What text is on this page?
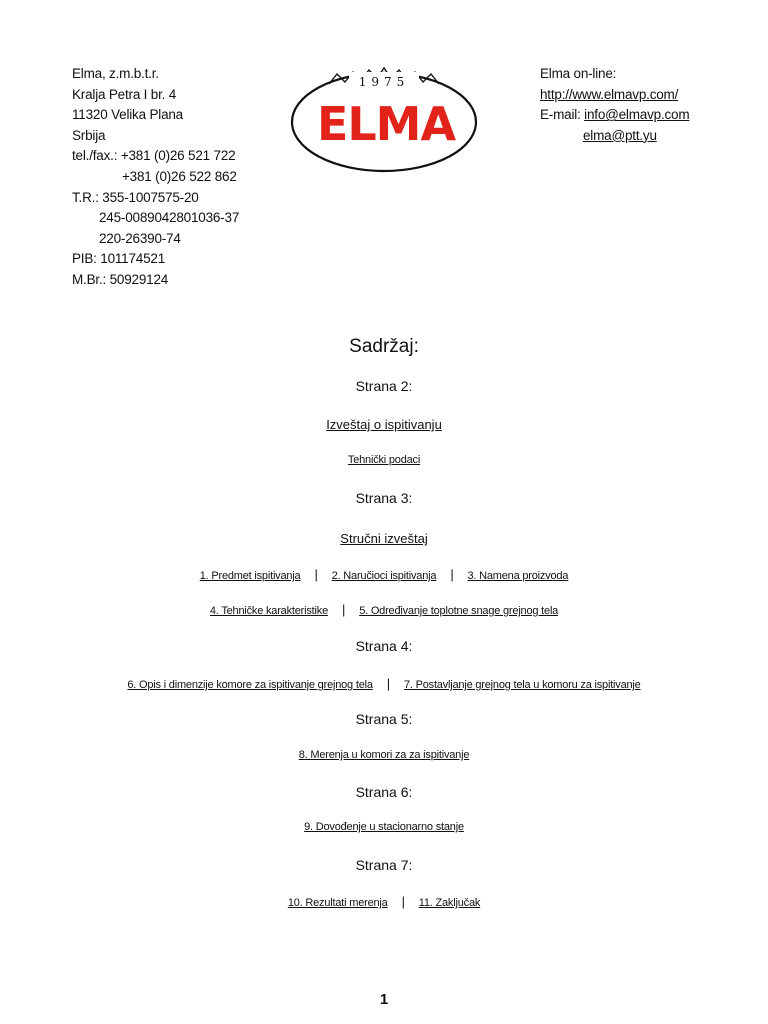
Elma, z.m.b.t.r.
Kralja Petra I br. 4
11320 Velika Plana
Srbija
tel./fax.: +381 (0)26 521 722
+381 (0)26 522 862
T.R.: 355-1007575-20
245-0089042801036-37
220-26390-74
PIB: 101174521
M.Br.: 50929124
1975
ELMA
Elma on-line:
http://www.elmavp.com/
E-mail: info@elmavp.com
elma@ptt.yu
Sadržaj:
Strana 2:
Izveštaj o ispitivanju
Tehnički podaci
Strana 3:
Stručni izveštaj
1. Predmet ispitivanja | 2. Naručioci ispitivanja | 3. Namena proizvoda
4. Tehničke karakteristike | 5. Određivanje toplotne snage grejnog tela
Strana 4:
6. Opis i dimenzije komore za ispitivanje grejnog tela | 7. Postavljanje grejnog tela u komoru za ispitivanje
Strana 5:
8. Merenja u komori za za ispitivanje
Strana 6:
9. Dovođenje u stacionarno stanje
Strana 7:
10. Rezultati merenja | 11. Zaključak
1
